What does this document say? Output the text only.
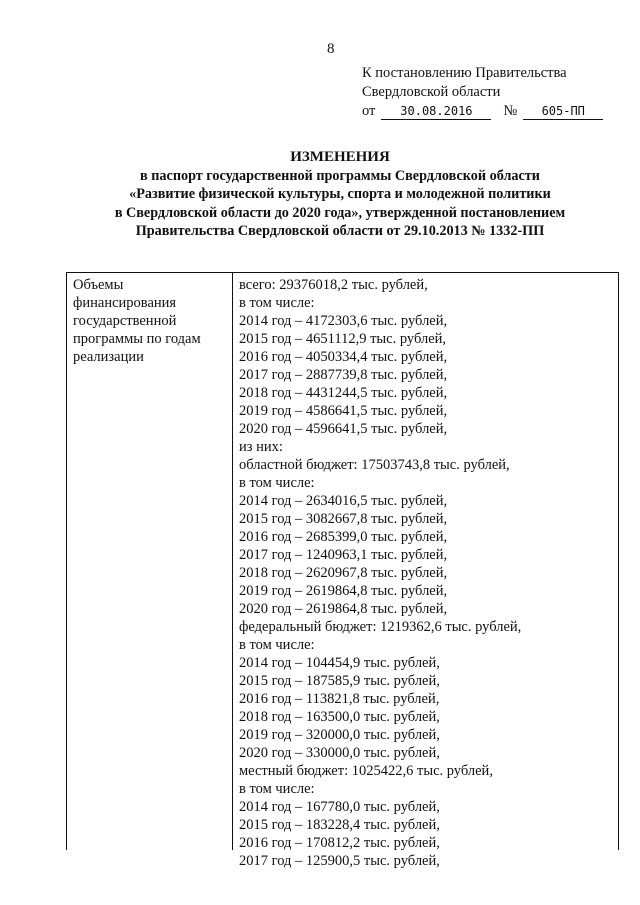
8
К постановлению Правительства
Свердловской области
от 30.08.2016 № 605-ПП
ИЗМЕНЕНИЯ
в паспорт государственной программы Свердловской области
«Развитие физической культуры, спорта и молодежной политики
в Свердловской области до 2020 года», утвержденной постановлением
Правительства Свердловской области от 29.10.2013 № 1332-ПП
Объемы
финансирования
государственной
программы по годам
реализации
всего: 29376018,2 тыс. рублей,
в том числе:
2014 год – 4172303,6 тыс. рублей,
2015 год – 4651112,9 тыс. рублей,
2016 год – 4050334,4 тыс. рублей,
2017 год – 2887739,8 тыс. рублей,
2018 год – 4431244,5 тыс. рублей,
2019 год – 4586641,5 тыс. рублей,
2020 год – 4596641,5 тыс. рублей,
из них:
областной бюджет: 17503743,8 тыс. рублей,
в том числе:
2014 год – 2634016,5 тыс. рублей,
2015 год – 3082667,8 тыс. рублей,
2016 год – 2685399,0 тыс. рублей,
2017 год – 1240963,1 тыс. рублей,
2018 год – 2620967,8 тыс. рублей,
2019 год – 2619864,8 тыс. рублей,
2020 год – 2619864,8 тыс. рублей,
федеральный бюджет: 1219362,6 тыс. рублей,
в том числе:
2014 год – 104454,9 тыс. рублей,
2015 год – 187585,9 тыс. рублей,
2016 год – 113821,8 тыс. рублей,
2018 год – 163500,0 тыс. рублей,
2019 год – 320000,0 тыс. рублей,
2020 год – 330000,0 тыс. рублей,
местный бюджет: 1025422,6 тыс. рублей,
в том числе:
2014 год – 167780,0 тыс. рублей,
2015 год – 183228,4 тыс. рублей,
2016 год – 170812,2 тыс. рублей,
2017 год – 125900,5 тыс. рублей,
